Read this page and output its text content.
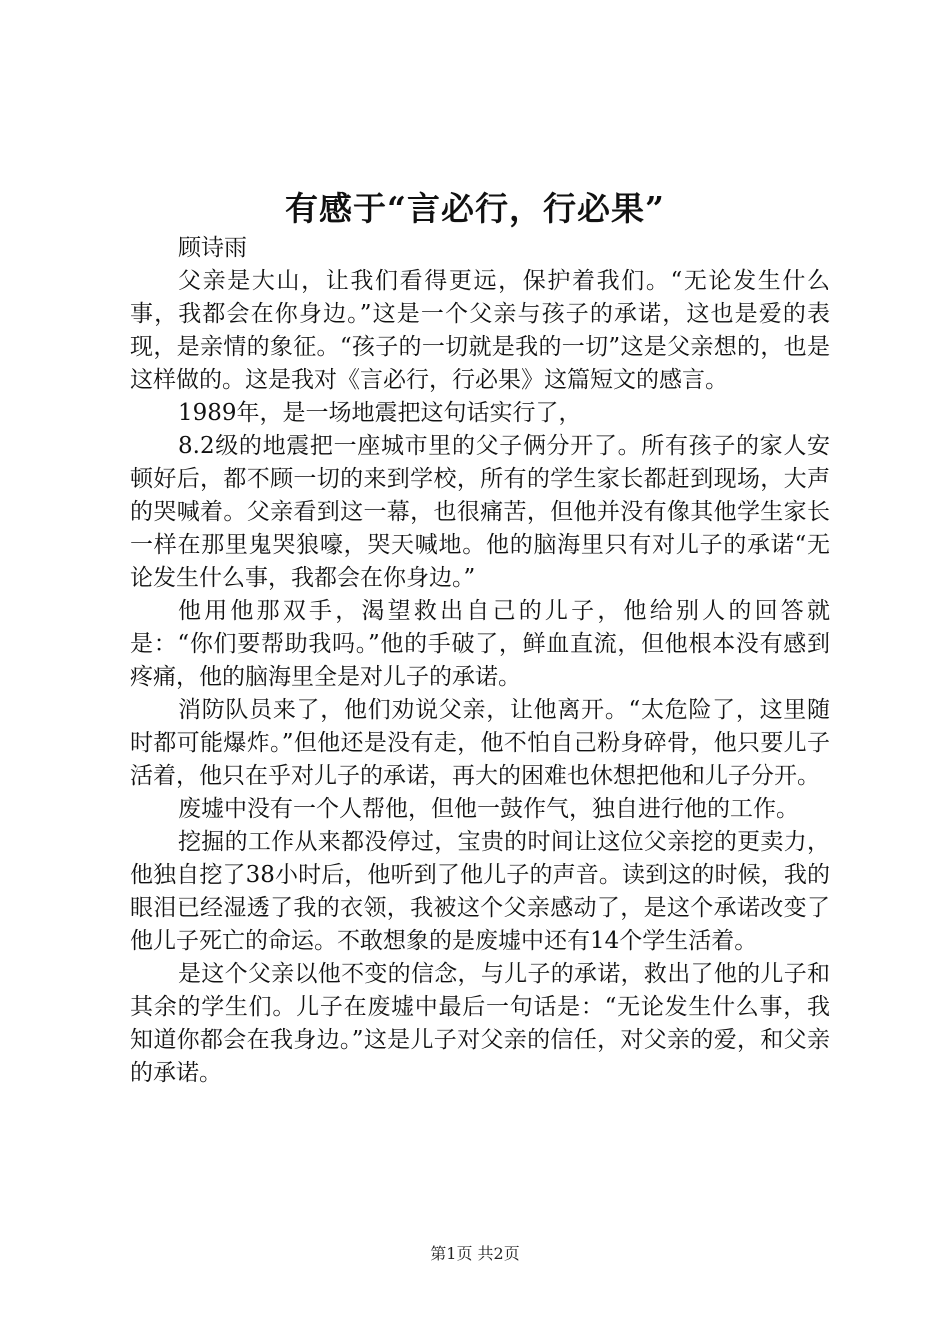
有感于“言必行，行必果”

顾诗雨

父亲是大山，让我们看得更远，保护着我们。“无论发生什么事，我都会在你身边。”这是一个父亲与孩子的承诺，这也是爱的表现，是亲情的象征。“孩子的一切就是我的一切”这是父亲想的，也是这样做的。这是我对《言必行，行必果》这篇短文的感言。

1989年，是一场地震把这句话实行了，

8.2级的地震把一座城市里的父子俩分开了。所有孩子的家人安顿好后，都不顾一切的来到学校，所有的学生家长都赶到现场，大声的哭喊着。父亲看到这一幕，也很痛苦，但他并没有像其他学生家长一样在那里鬼哭狼嚎，哭天喊地。他的脑海里只有对儿子的承诺“无论发生什么事，我都会在你身边。”

他用他那双手，渴望救出自己的儿子，他给别人的回答就是：“你们要帮助我吗。”他的手破了，鲜血直流，但他根本没有感到疼痛，他的脑海里全是对儿子的承诺。

消防队员来了，他们劝说父亲，让他离开。“太危险了，这里随时都可能爆炸。”但他还是没有走，他不怕自己粉身碎骨，他只要儿子活着，他只在乎对儿子的承诺，再大的困难也休想把他和儿子分开。

废墟中没有一个人帮他，但他一鼓作气，独自进行他的工作。

挖掘的工作从来都没停过，宝贵的时间让这位父亲挖的更卖力，他独自挖了38小时后，他听到了他儿子的声音。读到这的时候，我的眼泪已经湿透了我的衣领，我被这个父亲感动了，是这个承诺改变了他儿子死亡的命运。不敢想象的是废墟中还有14个学生活着。

是这个父亲以他不变的信念，与儿子的承诺，救出了他的儿子和其余的学生们。儿子在废墟中最后一句话是：“无论发生什么事，我知道你都会在我身边。”这是儿子对父亲的信任，对父亲的爱，和父亲的承诺。

第1页 共2页
